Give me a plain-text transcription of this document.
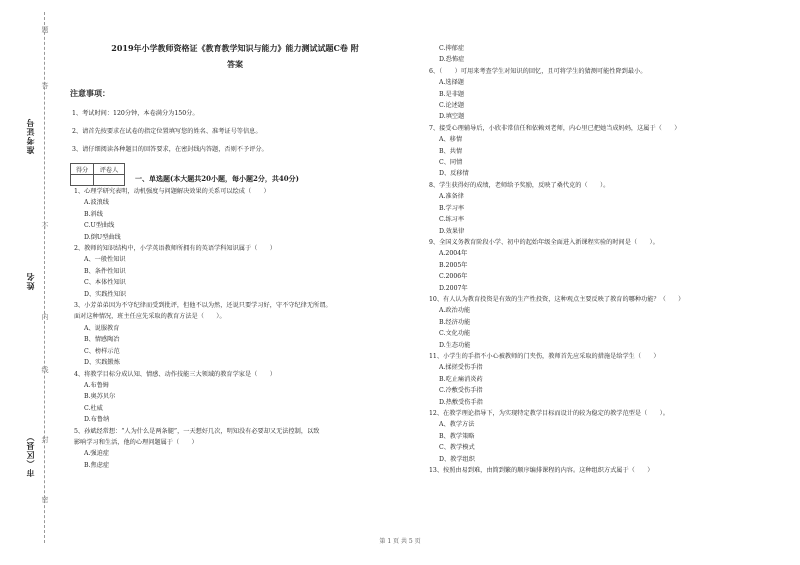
题
答
不
内
线
封
密
准考证号
姓名
市（区县）
2019年小学教师资格证《教育教学知识与能力》能力测试试题C卷 附
答案
注意事项：

1、考试时间：120分钟，本卷满分为150分。

2、请首先按要求在试卷的指定位置填写您的姓名、准考证号等信息。

3、请仔细阅读各种题目的回答要求，在密封线内答题，否则不予评分。

得分	评卷人

一、单选题(本大题共20小题，每小题2分，共40分)
1、心理学研究表明，动机强度与问题解决效果的关系可以绘成（　　）
A.波浪线
B.斜线
C.U型曲线
D.倒U型曲线
2、教师的知识结构中，小学英语教师所拥有的英语学科知识属于（　　）
A、一般性知识
B、条件性知识
C、本体性知识
D、实践性知识
3、小芳弟弟因为不守纪律而受到批评，但他不以为然，还说只要学习好，守不守纪律无所谓。
面对这种情况，班主任应先采取的教育方法是（　　）。
A、说服教育
B、情感陶冶
C、榜样示范
D、实践锻炼
4、将教学目标分成认知、情感、动作技能三大领域的教育学家是（　　）
A.布鲁姆
B.奥苏贝尔
C.杜威
D.布鲁纳
5、孙斌经常想：“人为什么是两条腿”，一天想好几次，明知没有必要却又无法控制，以致
影响学习和生活，他的心理问题属于（　　）
A.强迫症
B.焦虑症
C.抑郁症
D.恐怖症
6、（　　）可用来考查学生对知识的回忆，且可将学生的猜测可能性降到最小。
A.选择题
B.是非题
C.论述题
D.填空题
7、接受心理辅导后，小欣非常信任和依赖刘老师，内心里已把她当成妈妈，这属于（　　）
A、移情
B、共情
C、同情
D、反移情
8、学生获得好的成绩，老师给予奖励，反映了桑代克的（　　）。
A.准备律
B.学习率
C.练习率
D.效果律
9、全国义务教育阶段小学、初中的起始年级全面进入新课程实验的时间是（　　）。
A.2004年
B.2005年
C.2006年
D.2007年
10、有人认为教育投资是有效的生产性投资，这种观点主要反映了教育的哪种功能？（　　）
A.政治功能
B.经济功能
C.文化功能
D.生态功能
11、小学生的手指不小心被教师的门夹伤，教师首先应采取的措施是给学生（　　）
A.揉搓受伤手指
B.吃止痛消炎药
C.冷敷受伤手指
D.热敷受伤手指
12、在教学理论指导下，为实现特定教学目标而设计的较为稳定的教学范型是（　　）。
A、教学方法
B、教学策略
C、教学模式
D、教学组织
13、按照由易到难，由简到繁的顺序编排课程的内容。这种组织方式属于（　　）
第 1 页 共 5 页
